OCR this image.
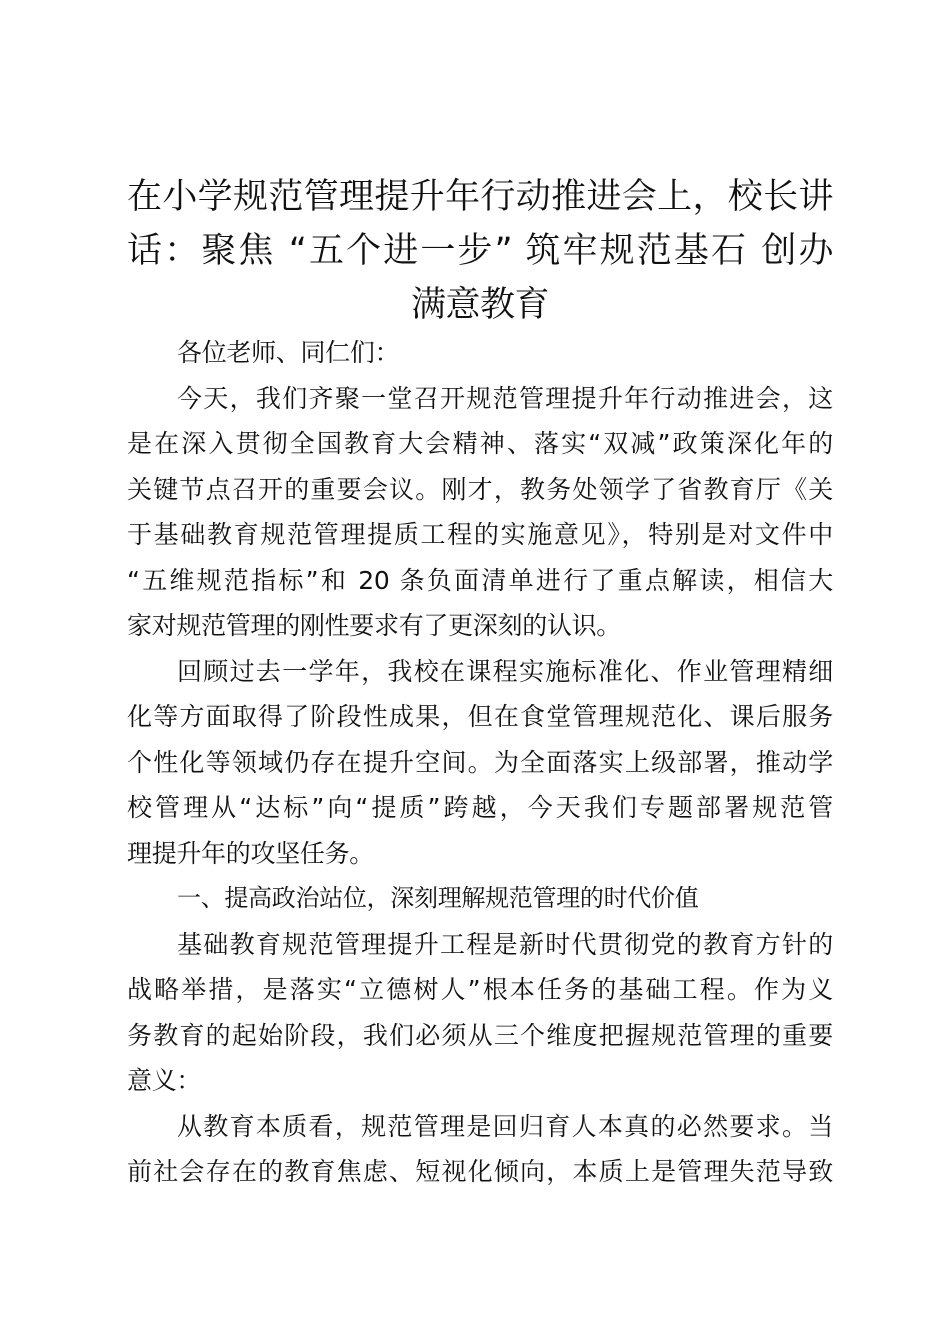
在小学规范管理提升年行动推进会上，校长讲
话：聚焦 “五个进一步” 筑牢规范基石 创办
满意教育
各位老师、同仁们：
今天，我们齐聚一堂召开规范管理提升年行动推进会，这
是在深入贯彻全国教育大会精神、落实“双减”政策深化年的
关键节点召开的重要会议。刚才，教务处领学了省教育厅《关
于基础教育规范管理提质工程的实施意见》，特别是对文件中
“五维规范指标”和 20 条负面清单进行了重点解读，相信大
家对规范管理的刚性要求有了更深刻的认识。
回顾过去一学年，我校在课程实施标准化、作业管理精细
化等方面取得了阶段性成果，但在食堂管理规范化、课后服务
个性化等领域仍存在提升空间。为全面落实上级部署，推动学
校管理从“达标”向“提质”跨越，今天我们专题部署规范管
理提升年的攻坚任务。
一、提高政治站位，深刻理解规范管理的时代价值
基础教育规范管理提升工程是新时代贯彻党的教育方针的
战略举措，是落实“立德树人”根本任务的基础工程。作为义
务教育的起始阶段，我们必须从三个维度把握规范管理的重要
意义：
从教育本质看，规范管理是回归育人本真的必然要求。当
前社会存在的教育焦虑、短视化倾向，本质上是管理失范导致
